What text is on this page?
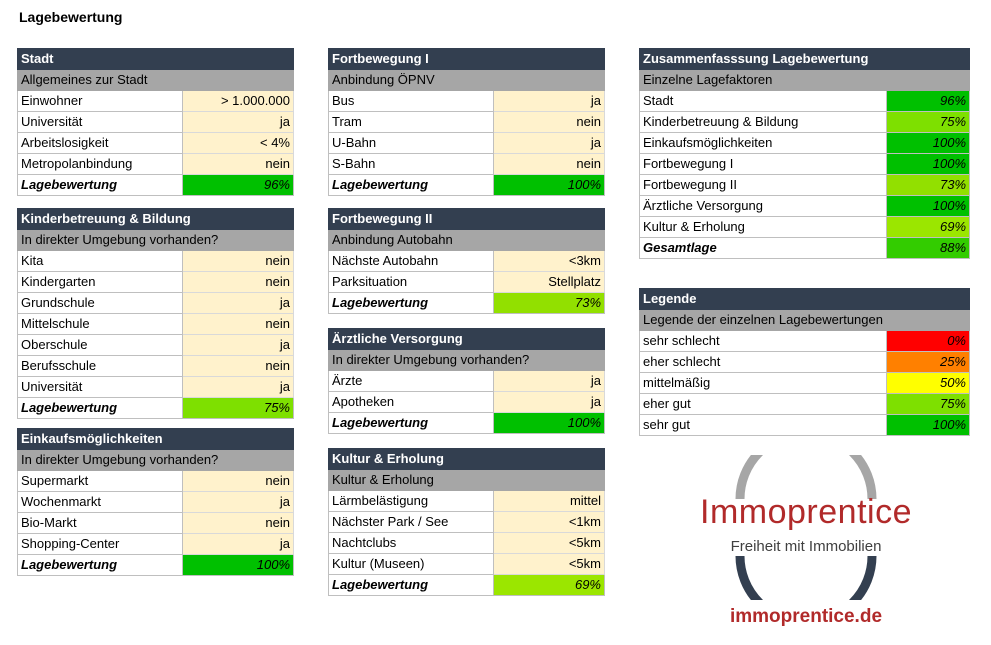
Lagebewertung
Stadt	
Allgemeines zur Stadt	
Einwohner	> 1.000.000
Universität	ja
Arbeitslosigkeit	< 4%
Metropolanbindung	nein
Lagebewertung	96%
Kinderbetreuung & Bildung	
In direkter Umgebung vorhanden?	
Kita	nein
Kindergarten	nein
Grundschule	ja
Mittelschule	nein
Oberschule	ja
Berufsschule	nein
Universität	ja
Lagebewertung	75%
Einkaufsmöglichkeiten	
In direkter Umgebung vorhanden?	
Supermarkt	nein
Wochenmarkt	ja
Bio-Markt	nein
Shopping-Center	ja
Lagebewertung	100%
Fortbewegung I	
Anbindung ÖPNV	
Bus	ja
Tram	nein
U-Bahn	ja
S-Bahn	nein
Lagebewertung	100%
Fortbewegung II	
Anbindung Autobahn	
Nächste Autobahn	<3km
Parksituation	Stellplatz
Lagebewertung	73%
Ärztliche Versorgung	
In direkter Umgebung vorhanden?	
Ärzte	ja
Apotheken	ja
Lagebewertung	100%
Kultur & Erholung	
Kultur & Erholung	
Lärmbelästigung	mittel
Nächster Park / See	<1km
Nachtclubs	<5km
Kultur (Museen)	<5km
Lagebewertung	69%
Zusammenfasssung Lagebewertung	
Einzelne Lagefaktoren	
Stadt	96%
Kinderbetreuung & Bildung	75%
Einkaufsmöglichkeiten	100%
Fortbewegung I	100%
Fortbewegung II	73%
Ärztliche Versorgung	100%
Kultur & Erholung	69%
Gesamtlage	88%
Legende	
Legende der einzelnen Lagebewertungen	
sehr schlecht	0%
eher schlecht	25%
mittelmäßig	50%
eher gut	75%
sehr gut	100%
Immoprentice
Freiheit mit Immobilien
immoprentice.de
